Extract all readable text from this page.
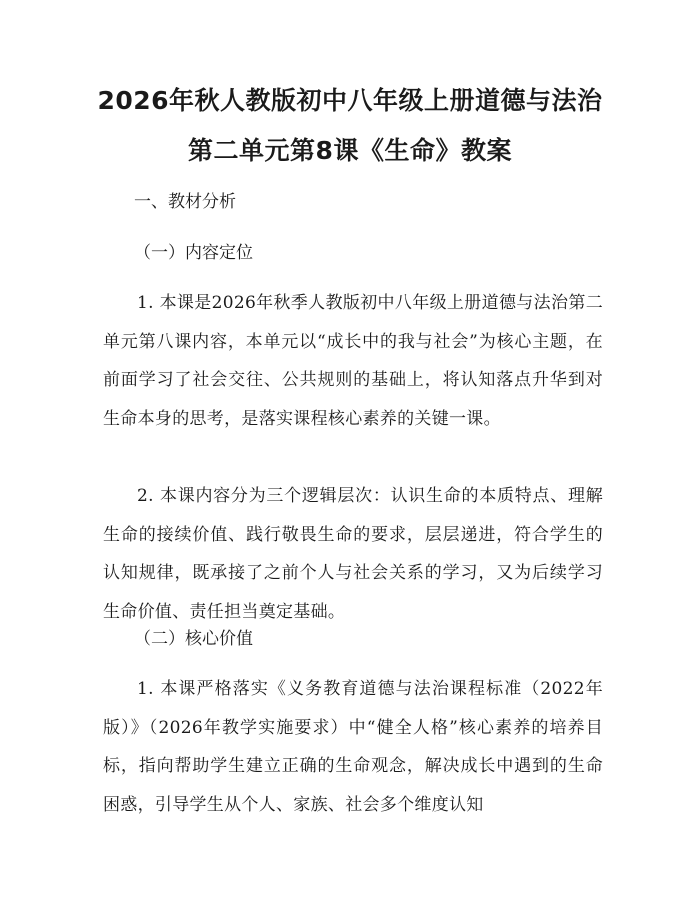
2026年秋人教版初中八年级上册道德与法治
第二单元第8课《生命》教案
一、教材分析
（一）内容定位
1. 本课是2026年秋季人教版初中八年级上册道德与法治第二单元第八课内容，本单元以“成长中的我与社会”为核心主题，在前面学习了社会交往、公共规则的基础上，将认知落点升华到对生命本身的思考，是落实课程核心素养的关键一课。
2. 本课内容分为三个逻辑层次：认识生命的本质特点、理解生命的接续价值、践行敬畏生命的要求，层层递进，符合学生的认知规律，既承接了之前个人与社会关系的学习，又为后续学习生命价值、责任担当奠定基础。
（二）核心价值
1. 本课严格落实《义务教育道德与法治课程标准（2022年版）》（2026年教学实施要求）中“健全人格”核心素养的培养目标，指向帮助学生建立正确的生命观念，解决成长中遇到的生命困惑，引导学生从个人、家族、社会多个维度认知
